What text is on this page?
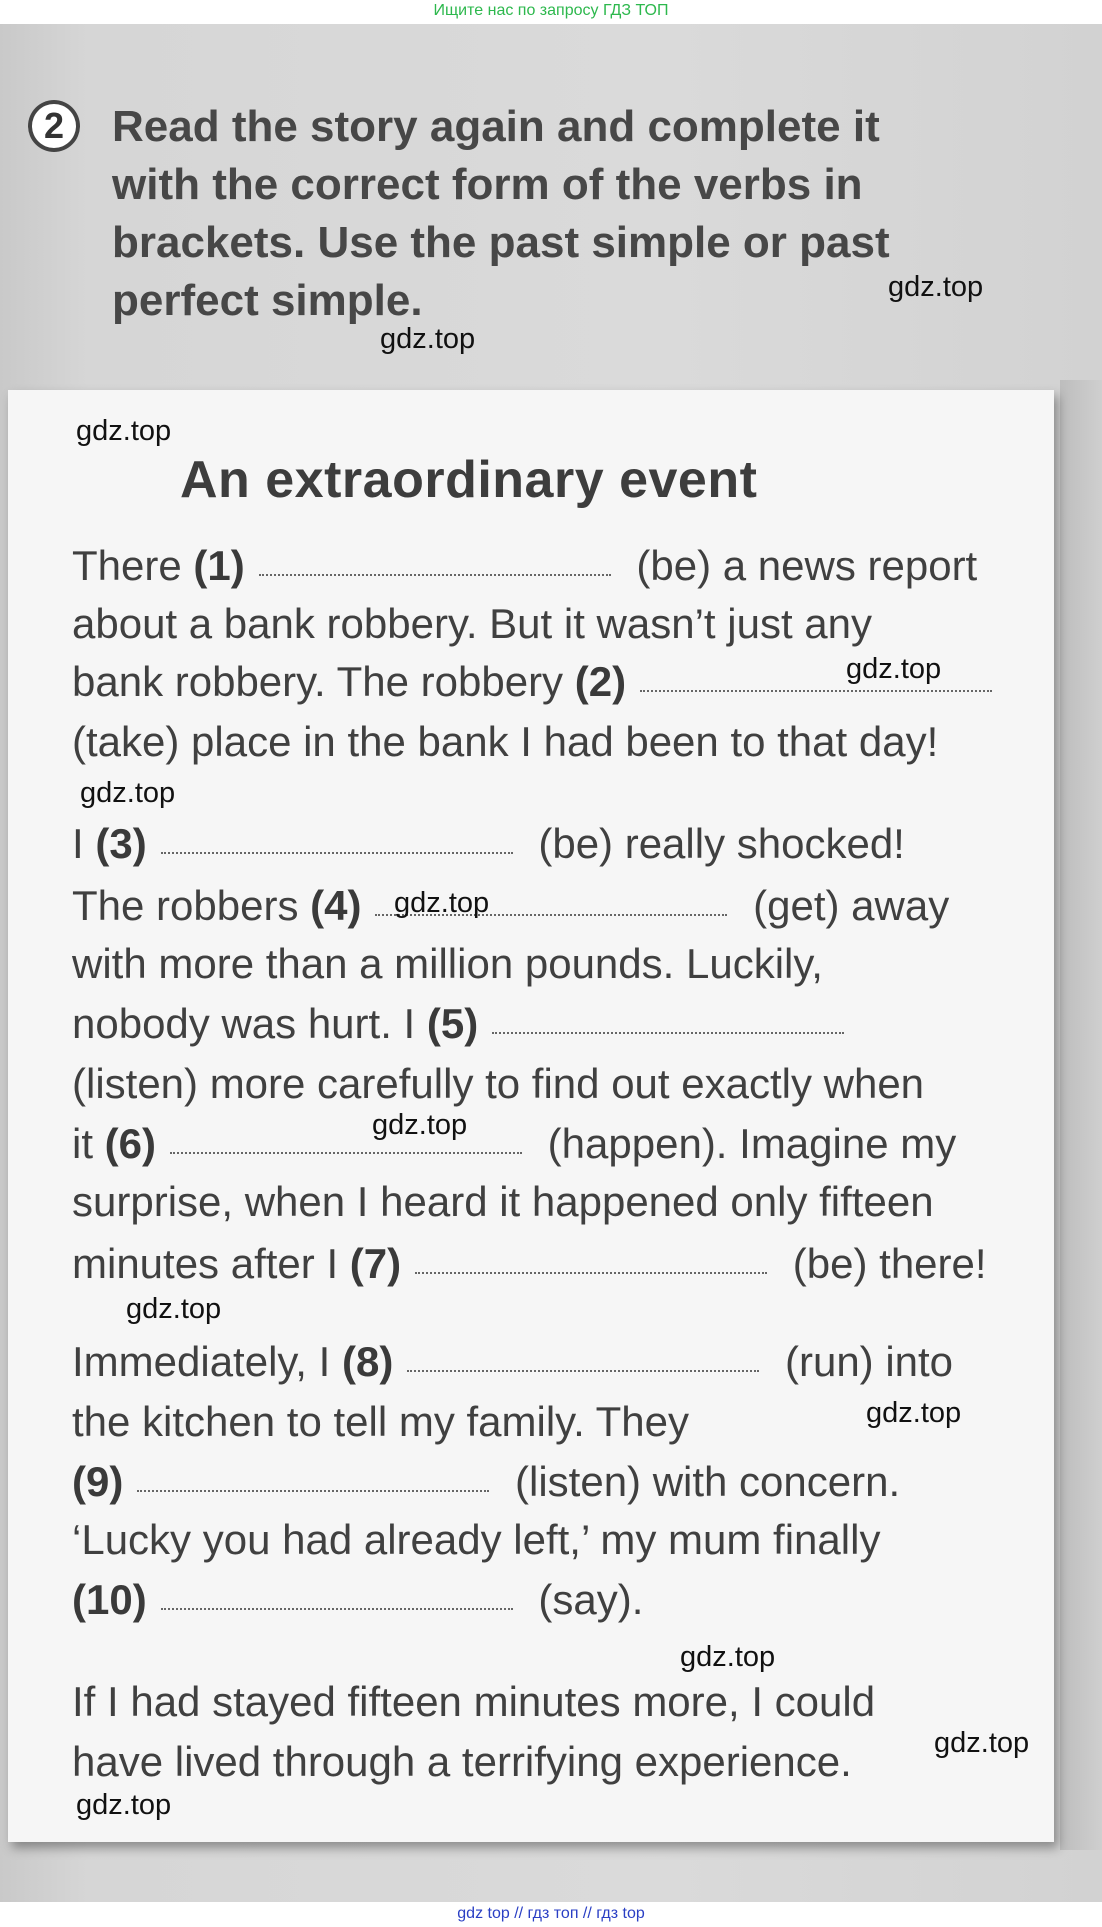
Ищите нас по запросу ГДЗ ТОП
2	Read the story again and complete it with the correct form of the verbs in brackets. Use the past simple or past perfect simple.

An extraordinary event

There (1)	(be) a news report

about a bank robbery. But it wasn’t just any

bank robbery. The robbery (2)

(take) place in the bank I had been to that day!

I (3)	(be) really shocked!

The robbers (4)	(get) away

with more than a million pounds. Luckily,

nobody was hurt. I (5)

(listen) more carefully to find out exactly when

it (6)	(happen). Imagine my

surprise, when I heard it happened only fifteen

minutes after I (7)	(be) there!

Immediately, I (8)	(run) into

the kitchen to tell my family. They

(9)	(listen) with concern.

‘Lucky you had already left,’ my mum finally

(10)	(say).

If I had stayed fifteen minutes more, I could

have lived through a terrifying experience.

gdz.top
gdz.top
gdz.top
gdz.top
gdz.top
gdz.top
gdz.top
gdz.top
gdz.top
gdz.top
gdz.top
gdz.top
gdz top // гдз топ // гдз top
